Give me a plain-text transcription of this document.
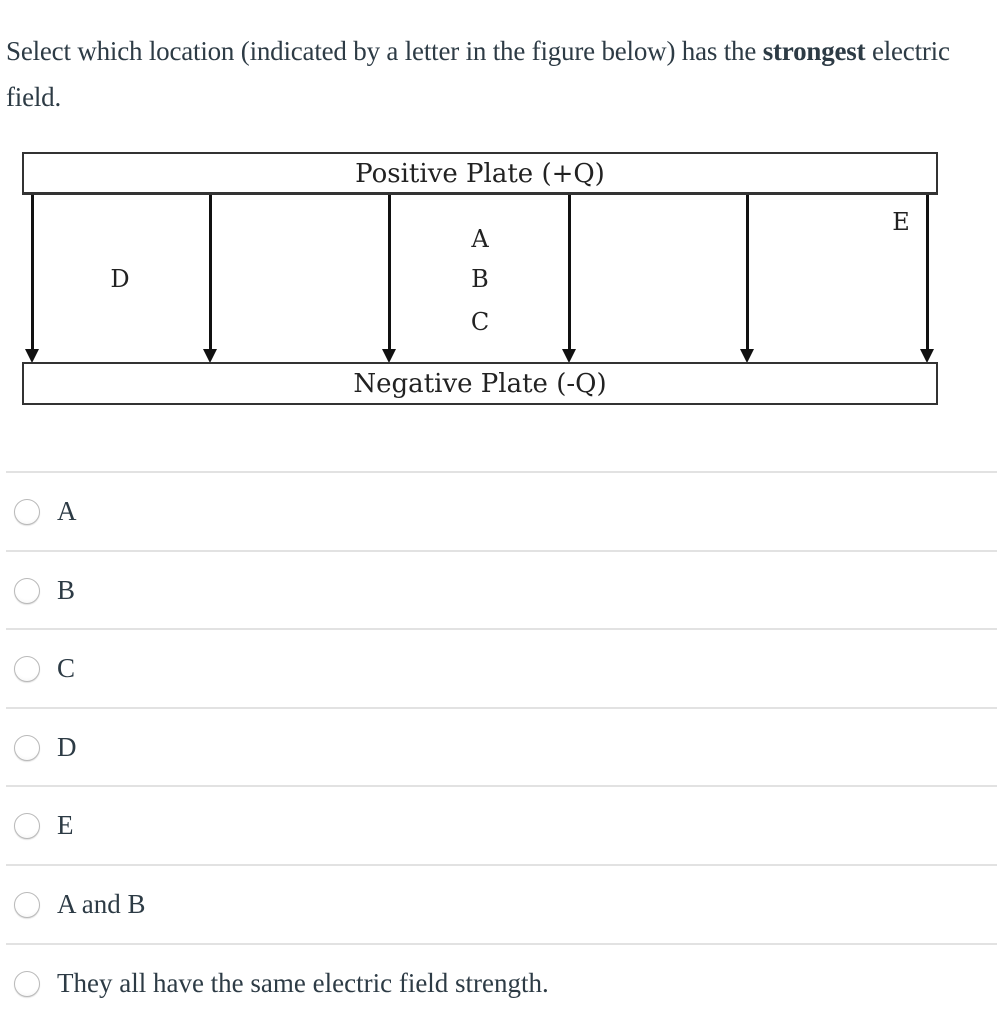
Select which location (indicated by a letter in the figure below) has the strongest electric field.
Positive Plate (+Q)
A
B
C
D
E
Negative Plate (-Q)
A
B
C
D
E
A and B
They all have the same electric field strength.
